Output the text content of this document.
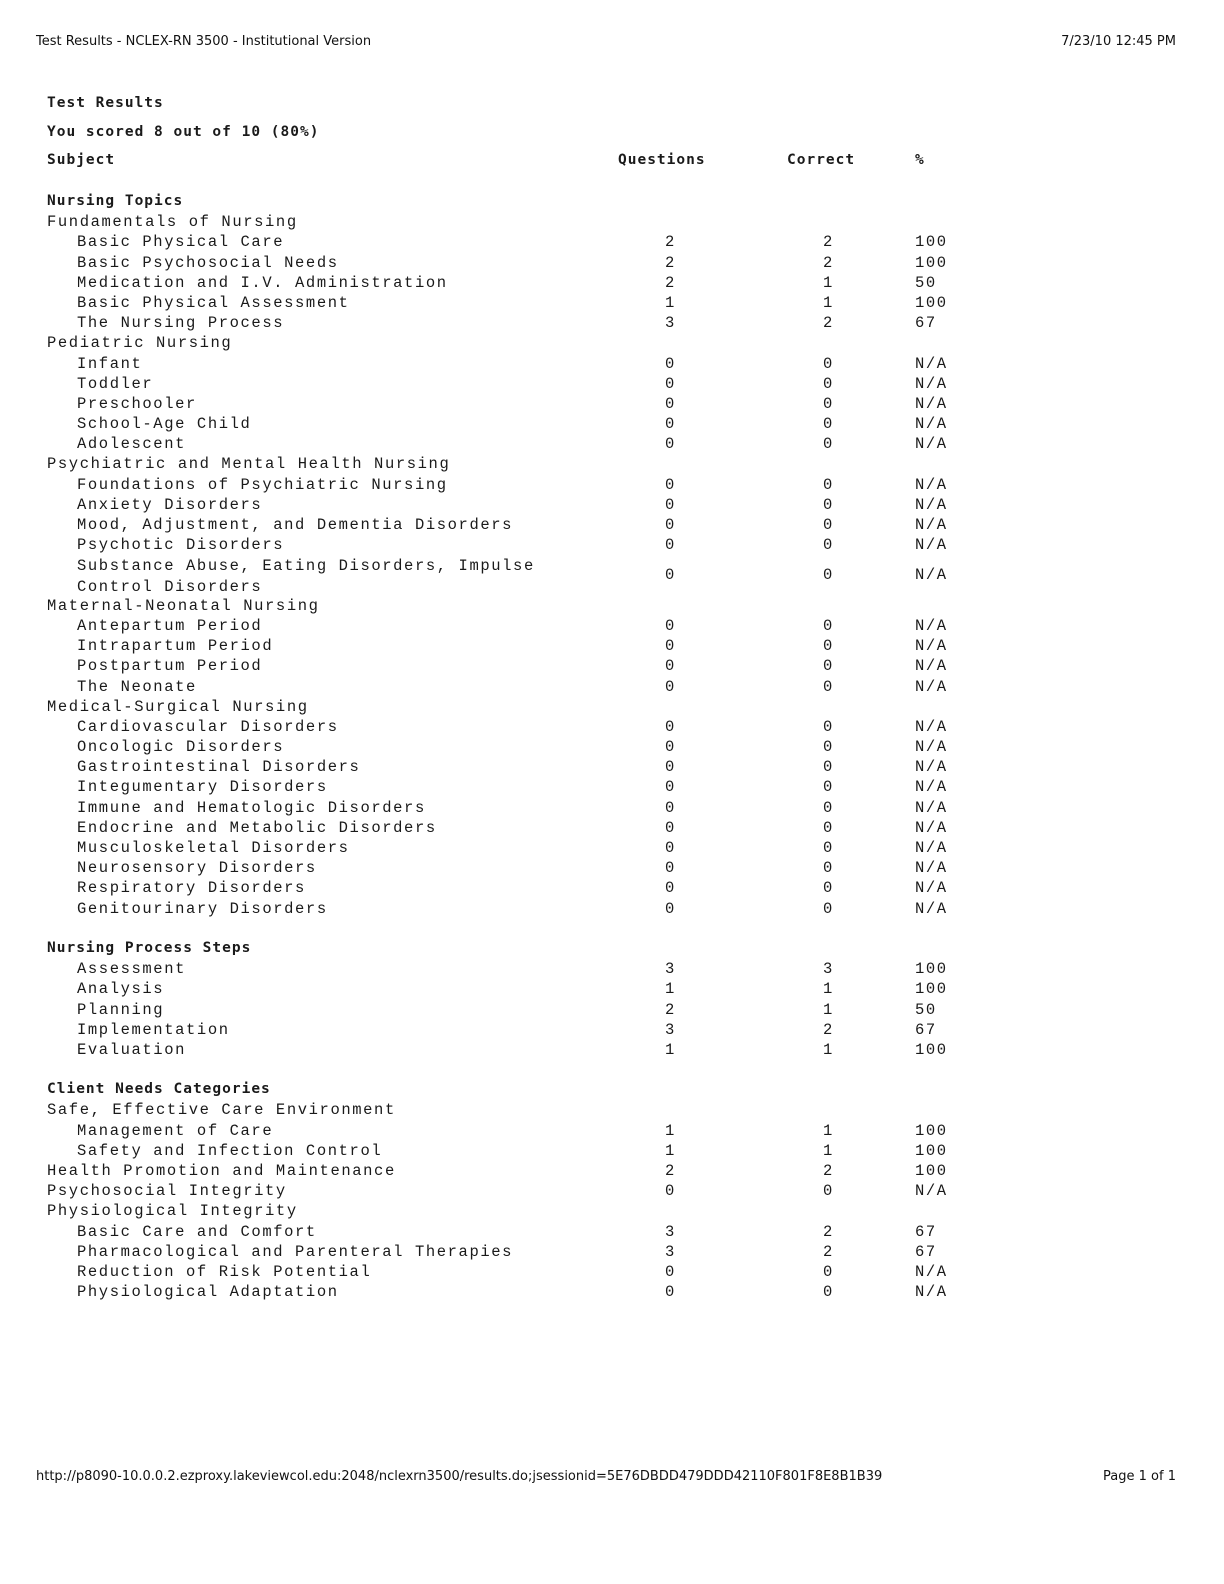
Test Results - NCLEX-RN 3500 - Institutional Version	7/23/10 12:45 PM
Test Results
You scored 8 out of 10 (80%)
Subject	Questions	Correct	%
Nursing Topics
Fundamentals of Nursing
Basic Physical Care	2	2	100
Basic Psychosocial Needs	2	2	100
Medication and I.V. Administration	2	1	50
Basic Physical Assessment	1	1	100
The Nursing Process	3	2	67
Pediatric Nursing
Infant	0	0	N/A
Toddler	0	0	N/A
Preschooler	0	0	N/A
School-Age Child	0	0	N/A
Adolescent	0	0	N/A
Psychiatric and Mental Health Nursing
Foundations of Psychiatric Nursing	0	0	N/A
Anxiety Disorders	0	0	N/A
Mood, Adjustment, and Dementia Disorders	0	0	N/A
Psychotic Disorders	0	0	N/A
Substance Abuse, Eating Disorders, Impulse Control Disorders
0	0	N/A
Maternal-Neonatal Nursing
Antepartum Period	0	0	N/A
Intrapartum Period	0	0	N/A
Postpartum Period	0	0	N/A
The Neonate	0	0	N/A
Medical-Surgical Nursing
Cardiovascular Disorders	0	0	N/A
Oncologic Disorders	0	0	N/A
Gastrointestinal Disorders	0	0	N/A
Integumentary Disorders	0	0	N/A
Immune and Hematologic Disorders	0	0	N/A
Endocrine and Metabolic Disorders	0	0	N/A
Musculoskeletal Disorders	0	0	N/A
Neurosensory Disorders	0	0	N/A
Respiratory Disorders	0	0	N/A
Genitourinary Disorders	0	0	N/A
Nursing Process Steps
Assessment	3	3	100
Analysis	1	1	100
Planning	2	1	50
Implementation	3	2	67
Evaluation	1	1	100
Client Needs Categories
Safe, Effective Care Environment
Management of Care	1	1	100
Safety and Infection Control	1	1	100
Health Promotion and Maintenance	2	2	100
Psychosocial Integrity	0	0	N/A
Physiological Integrity
Basic Care and Comfort	3	2	67
Pharmacological and Parenteral Therapies	3	2	67
Reduction of Risk Potential	0	0	N/A
Physiological Adaptation	0	0	N/A
http://p8090-10.0.0.2.ezproxy.lakeviewcol.edu:2048/nclexrn3500/results.do;jsessionid=5E76DBDD479DDD42110F801F8E8B1B39	Page 1 of 1
